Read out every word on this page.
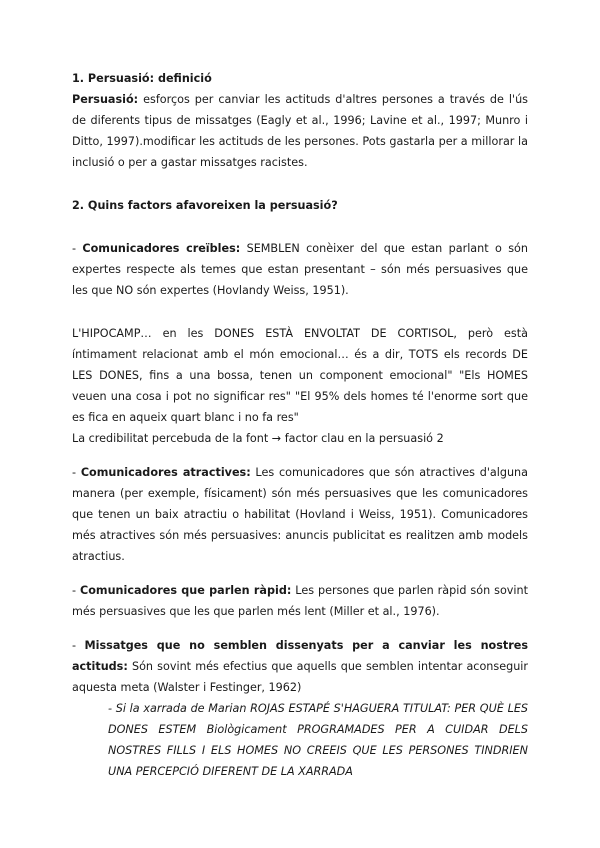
1. Persuasió: definició

Persuasió: esforços per canviar les actituds d'altres persones a través de l'ús de diferents tipus de missatges (Eagly et al., 1996; Lavine et al., 1997; Munro i Ditto, 1997).modificar les actituds de les persones. Pots gastarla per a millorar la inclusió o per a gastar missatges racistes.

2. Quins factors afavoreixen la persuasió?

- Comunicadores creïbles: SEMBLEN conèixer del que estan parlant o són expertes respecte als temes que estan presentant – són més persuasives que les que NO són expertes (Hovlandy Weiss, 1951).

L'HIPOCAMP… en les DONES ESTÀ ENVOLTAT DE CORTISOL, però està íntimament relacionat amb el món emocional… és a dir, TOTS els records DE LES DONES, fins a una bossa, tenen un component emocional" "Els HOMES veuen una cosa i pot no significar res" "El 95% dels homes té l'enorme sort que es fica en aqueix quart blanc i no fa res"

La credibilitat percebuda de la font → factor clau en la persuasió 2

- Comunicadores atractives: Les comunicadores que són atractives d'alguna manera (per exemple, físicament) són més persuasives que les comunicadores que tenen un baix atractiu o habilitat (Hovland i Weiss, 1951). Comunicadores més atractives són més persuasives: anuncis publicitat es realitzen amb models atractius.

- Comunicadores que parlen ràpid: Les persones que parlen ràpid són sovint més persuasives que les que parlen més lent (Miller et al., 1976).

- Missatges que no semblen dissenyats per a canviar les nostres actituds: Són sovint més efectius que aquells que semblen intentar aconseguir aquesta meta (Walster i Festinger, 1962)

- Si la xarrada de Marian ROJAS ESTAPÉ S'HAGUERA TITULAT: PER QUÈ LES DONES ESTEM Biològicament PROGRAMADES PER A CUIDAR DELS NOSTRES FILLS I ELS HOMES NO CREEIS QUE LES PERSONES TINDRIEN UNA PERCEPCIÓ DIFERENT DE LA XARRADA
